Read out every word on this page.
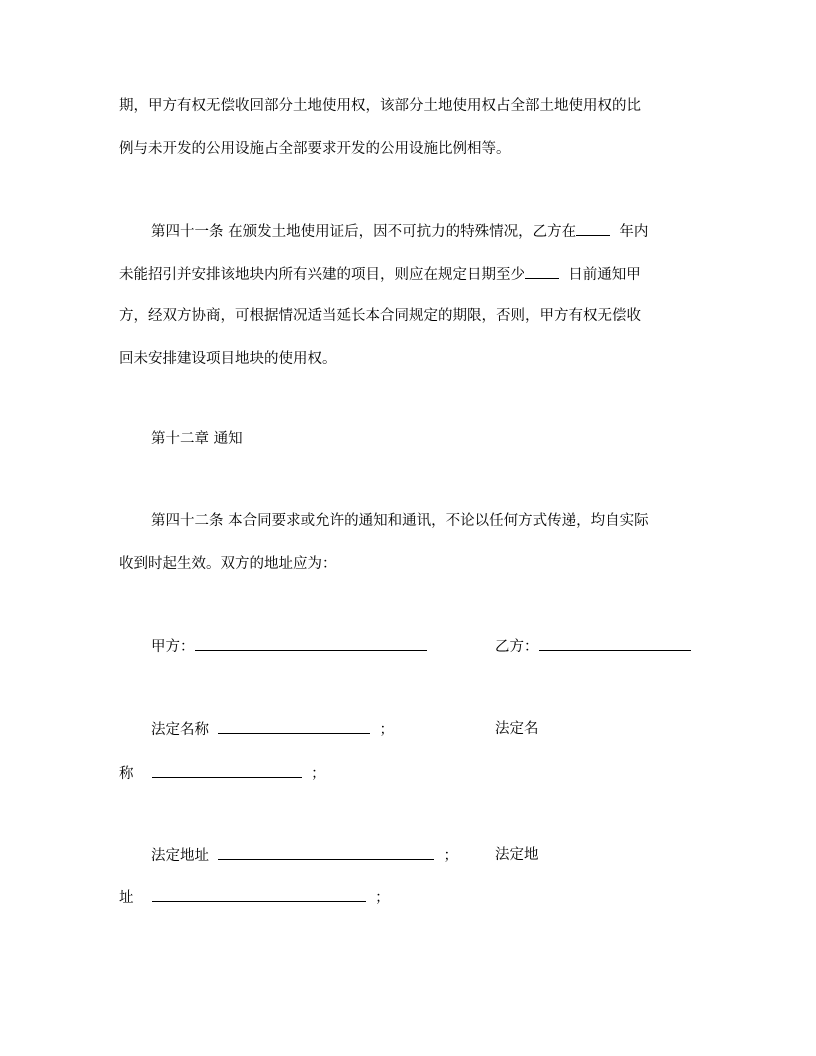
期，甲方有权无偿收回部分土地使用权，该部分土地使用权占全部土地使用权的比
例与未开发的公用设施占全部要求开发的公用设施比例相等。
第四十一条 在颁发土地使用证后，因不可抗力的特殊情况，乙方在	年内
未能招引并安排该地块内所有兴建的项目，则应在规定日期至少	日前通知甲
方，经双方协商，可根据情况适当延长本合同规定的期限，否则，甲方有权无偿收
回未安排建设项目地块的使用权。
第十二章 通知
第四十二条 本合同要求或允许的通知和通讯，不论以任何方式传递，均自实际
收到时起生效。双方的地址应为：
甲方：	乙方：
法定名称	；	法定名
称	；
法定地址	；	法定地
址	；
